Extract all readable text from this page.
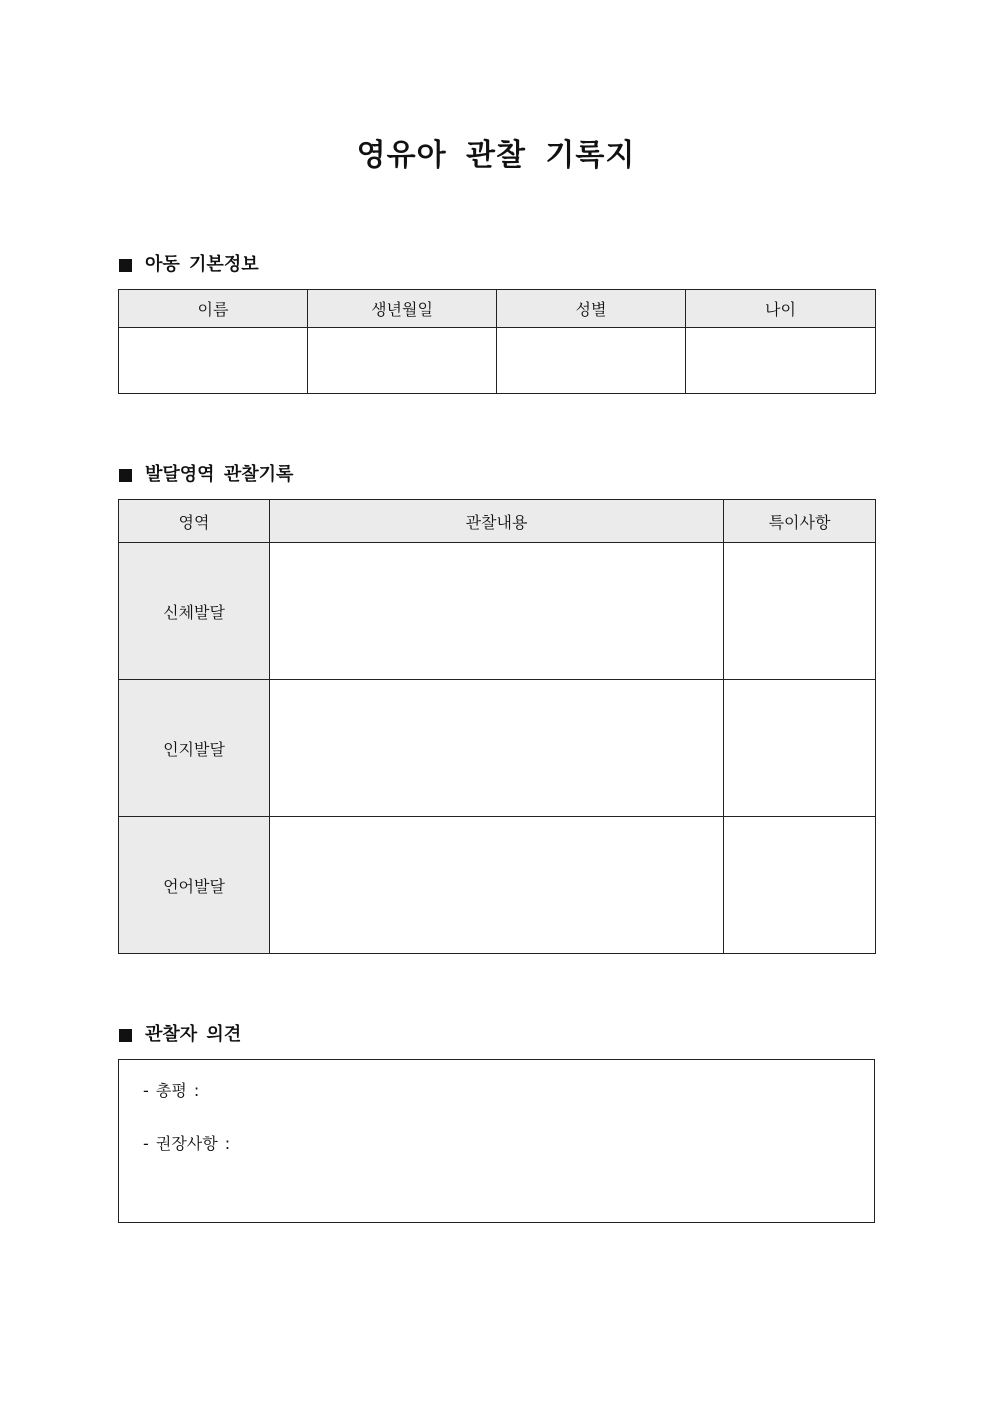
영유아 관찰 기록지
아동 기본정보
이름	생년월일	성별	나이

발달영역 관찰기록
영역	관찰내용	특이사항
신체발달		
인지발달		
언어발달		
관찰자 의견
- 총평 :
- 권장사항 :
